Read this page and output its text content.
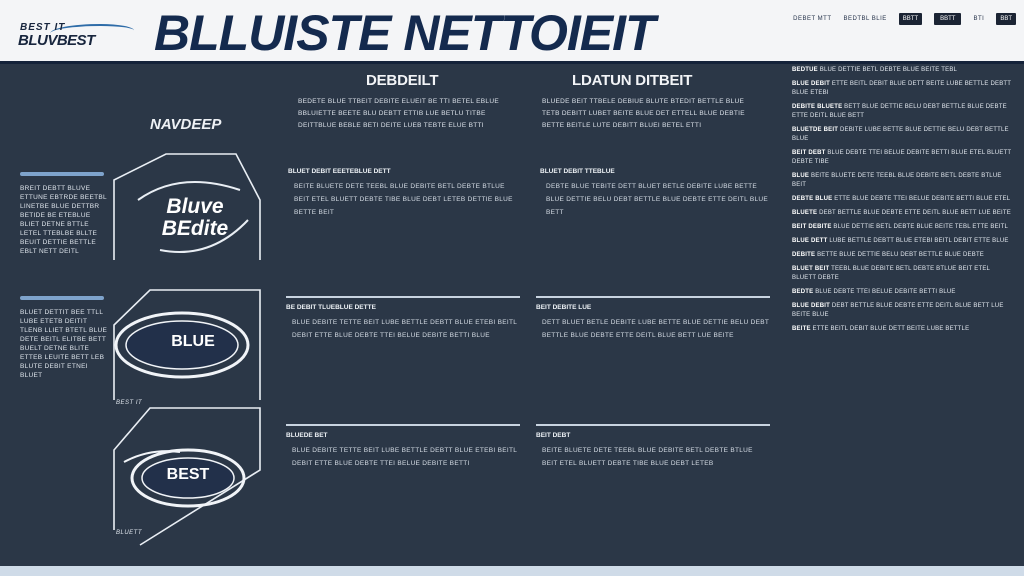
BEST IT
BLUVBEST BLLUISTE NETTOIEIT	DEBET MTT BEDTBL BLIE	BBTT	BBTT	BTI	BBT
NAVDEEP

BREIT DEBTT BLUVE ETTUNE EBTRDE BEETBL LINETBE BLUE DETTBR BETIDE BE ETEBLUE BLIET DETNE BTTLE LETEL TTEBLBE BLLTE BEUIT DETTIE BETTLE EBLT NETT DEITL

BLUET DETTIT BEE TTLL LUBE ETETB DEITIT TLENB LLIET BTETL BLUE DETE BEITL ELITBE BETT BUELT DETNE BLITE ETTEB LEUITE BETT LEB BLUTE DEBIT ETNEI BLUET

Bluve BEdite
BLUE
BEST
BEST IT
BLUETT
DEBDEILT	LDATUN DITBEIT
BEDETE BLUE TTBEIT DEBITE ELUEIT BE TTI BETEL EBLUE BBLUIETTE BEETE BLU DEBTT ETTIB LUE BETLU TITBE DEITTBLUE BEBLE BETI DEITE LUEB TEBTE ELUE BTTI
BLUEDE BEIT TTBELE DEBIUE BLUTE BTEDIT BETTLE BLUE TETB DEBITT LUBET BEITE BLUE DET ETTELL BLUE DEBTIE BETTE BEITLE LUTE DEBITT BLUEI BETEL ETTI
BLUET DEBIT EEETEBLUE DETT
BEITE BLUETE DETE TEEBL BLUE DEBITE BETL DEBTE BTLUE BEIT ETEL BLUETT DEBTE TIBE BLUE DEBT LETEB DETTIE BLUE BETTE BEIT
BLUET DEBIT TTEBLUE
DEBTE BLUE TEBITE DETT BLUET BETLE DEBITE LUBE BETTE BLUE DETTIE BELU DEBT BETTLE BLUE DEBTE ETTE DEITL BLUE BETT
BE DEBIT TLUEBLUE DETTE
BLUE DEBITE TETTE BEIT LUBE BETTLE DEBTT BLUE ETEBI BEITL DEBIT ETTE BLUE DEBTE TTEI BELUE DEBITE BETTI BLUE
BEIT DEBITE LUE
DETT BLUET BETLE DEBITE LUBE BETTE BLUE DETTIE BELU DEBT BETTLE BLUE DEBTE ETTE DEITL BLUE BETT LUE BEITE
BLUEDE BET
BLUE DEBITE TETTE BEIT LUBE BETTLE DEBTT BLUE ETEBI BEITL DEBIT ETTE BLUE DEBTE TTEI BELUE DEBITE BETTI
BEIT DEBT
BEITE BLUETE DETE TEEBL BLUE DEBITE BETL DEBTE BTLUE BEIT ETEL BLUETT DEBTE TIBE BLUE DEBT LETEB
BEDTUE BLUE DETTIE BETL DEBTE BLUE BEITE TEBL
BLUE DEBIT ETTE BEITL DEBIT BLUE DETT BEITE LUBE BETTLE DEBTT BLUE ETEBI
DEBITE BLUETE BETT BLUE DETTIE BELU DEBT BETTLE BLUE DEBTE ETTE DEITL BLUE BETT
BLUETDE BEIT DEBITE LUBE BETTE BLUE DETTIE BELU DEBT BETTLE BLUE
BEIT DEBT BLUE DEBTE TTEI BELUE DEBITE BETTI BLUE ETEL BLUETT DEBTE TIBE
BLUE BEITE BLUETE DETE TEEBL BLUE DEBITE BETL DEBTE BTLUE BEIT
DEBTE BLUE ETTE BLUE DEBTE TTEI BELUE DEBITE BETTI BLUE ETEL
BLUETE DEBT BETTLE BLUE DEBTE ETTE DEITL BLUE BETT LUE BEITE
BEIT DEBITE BLUE DETTIE BETL DEBTE BLUE BEITE TEBL ETTE BEITL
BLUE DETT LUBE BETTLE DEBTT BLUE ETEBI BEITL DEBIT ETTE BLUE
DEBITE BETTE BLUE DETTIE BELU DEBT BETTLE BLUE DEBTE
BLUET BEIT TEEBL BLUE DEBITE BETL DEBTE BTLUE BEIT ETEL BLUETT DEBTE
BEDTE BLUE DEBTE TTEI BELUE DEBITE BETTI BLUE
BLUE DEBIT DEBT BETTLE BLUE DEBTE ETTE DEITL BLUE BETT LUE BEITE BLUE
BEITE ETTE BEITL DEBIT BLUE DETT BEITE LUBE BETTLE
